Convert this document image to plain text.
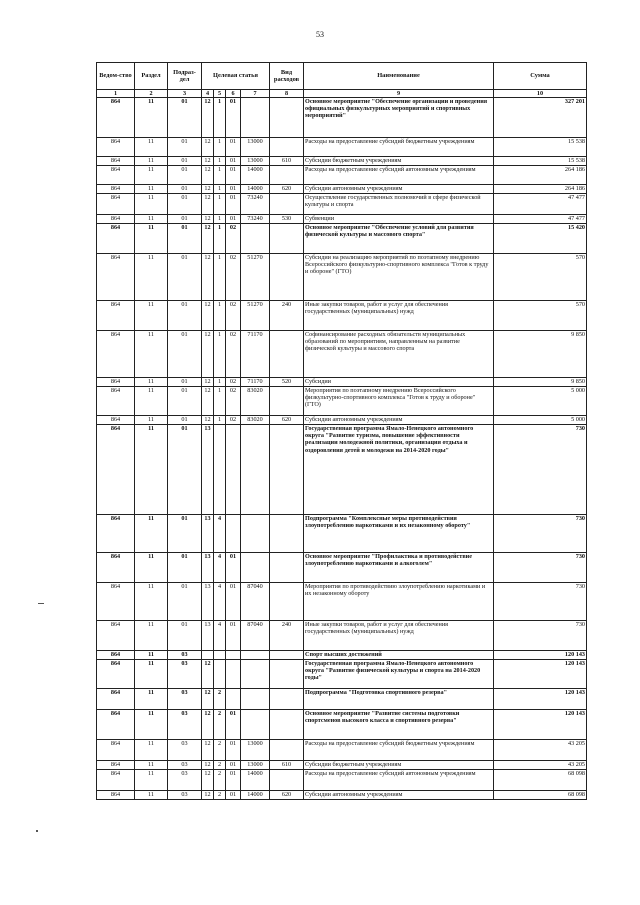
53
Ведом-ство	Раздел	Подраз-дел	Целевая статья				Вид расходов	Наименование	Сумма
1	2	3	4	5	6	7	8	9	10
864	11	01	12	1	01			Основное мероприятие "Обеспечение организации и проведения официальных физкультурных мероприятий и спортивных мероприятий"	327 201
864	11	01	12	1	01	13000		Расходы на предоставление субсидий бюджетным учреждениям	15 538
864	11	01	12	1	01	13000	610	Субсидии бюджетным учреждениям	15 538
864	11	01	12	1	01	14000		Расходы на предоставление субсидий автономным учреждениям	264 186
864	11	01	12	1	01	14000	620	Субсидии автономным учреждениям	264 186
864	11	01	12	1	01	73240		Осуществление государственных полномочий в сфере физической культуры и спорта	47 477
864	11	01	12	1	01	73240	530	Субвенции	47 477
864	11	01	12	1	02			Основное мероприятие "Обеспечение условий для развития физической культуры и массового спорта"	15 420
864	11	01	12	1	02	51270		Субсидии на реализацию мероприятий по поэтапному внедрению Всероссийского физкультурно-спортивного комплекса "Готов к труду и обороне" (ГТО)	570
864	11	01	12	1	02	51270	240	Иные закупки товаров, работ и услуг для обеспечения государственных (муниципальных) нужд	570
864	11	01	12	1	02	71170		Софинансирование расходных обязательств муниципальных образований по мероприятиям, направленным на развитие физической культуры и массового спорта	9 850
864	11	01	12	1	02	71170	520	Субсидии	9 850
864	11	01	12	1	02	83020		Мероприятия по поэтапному внедрению Всероссийского физкультурно-спортивного комплекса "Готов к труду и обороне" (ГТО)	5 000
864	11	01	12	1	02	83020	620	Субсидии автономным учреждениям	5 000
864	11	01	13					Государственная программа Ямало-Ненецкого автономного округа "Развитие туризма, повышение эффективности реализации молодежной политики, организация отдыха и оздоровления детей и молодежи на 2014-2020 годы"	730
864	11	01	13	4				Подпрограмма "Комплексные меры противодействия злоупотреблению наркотиками и их незаконному обороту"	730
864	11	01	13	4	01			Основное мероприятие "Профилактика и противодействие злоупотреблению наркотиками и алкоголем"	730
864	11	01	13	4	01	87040		Мероприятия по противодействию злоупотреблению наркотиками и их незаконному обороту	730
864	11	01	13	4	01	87040	240	Иные закупки товаров, работ и услуг для обеспечения государственных (муниципальных) нужд	730
864	11	03						Спорт высших достижений	120 143
864	11	03	12					Государственная программа Ямало-Ненецкого автономного округа "Развитие физической культуры и спорта на 2014-2020 годы"	120 143
864	11	03	12	2				Подпрограмма "Подготовка спортивного резерва"	120 143
864	11	03	12	2	01			Основное мероприятие "Развитие системы подготовки спортсменов высокого класса и спортивного резерва"	120 143
864	11	03	12	2	01	13000		Расходы на предоставление субсидий бюджетным учреждениям	43 205
864	11	03	12	2	01	13000	610	Субсидии бюджетным учреждениям	43 205
864	11	03	12	2	01	14000		Расходы на предоставление субсидий автономным учреждениям	68 098
864	11	03	12	2	01	14000	620	Субсидии автономным учреждениям	68 098
